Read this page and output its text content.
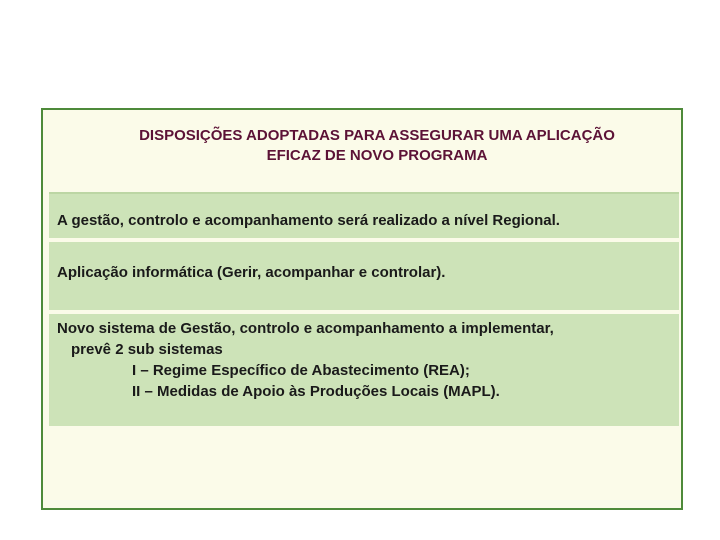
DISPOSIÇÕES ADOPTADAS PARA ASSEGURAR UMA APLICAÇÃO
EFICAZ DE NOVO PROGRAMA
A gestão, controlo e acompanhamento será realizado a nível Regional.
Aplicação informática (Gerir, acompanhar e controlar).
Novo sistema de Gestão, controlo e acompanhamento a implementar,
prevê 2 sub sistemas
I – Regime Específico de Abastecimento (REA);
II – Medidas de Apoio às Produções Locais (MAPL).
